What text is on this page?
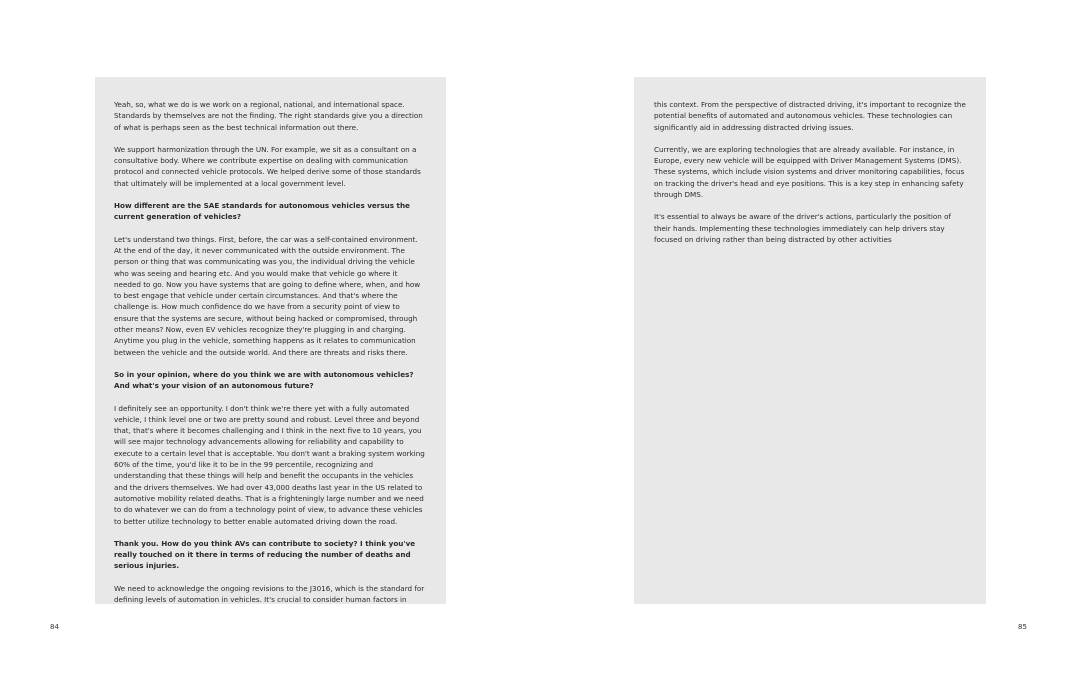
Yeah, so, what we do is we work on a regional, national, and international space. Standards by themselves are not the finding. The right standards give you a direction of what is perhaps seen as the best technical information out there.

We support harmonization through the UN. For example, we sit as a consultant on a consultative body. Where we contribute expertise on dealing with communication protocol and connected vehicle protocols. We helped derive some of those standards that ultimately will be implemented at a local government level.

How different are the SAE standards for autonomous vehicles versus the current generation of vehicles?

Let's understand two things. First, before, the car was a self-contained environment. At the end of the day, it never communicated with the outside environment. The person or thing that was communicating was you, the individual driving the vehicle who was seeing and hearing etc. And you would make that vehicle go where it needed to go. Now you have systems that are going to define where, when, and how to best engage that vehicle under certain circumstances. And that's where the challenge is. How much confidence do we have from a security point of view to ensure that the systems are secure, without being hacked or compromised, through other means? Now, even EV vehicles recognize they're plugging in and charging. Anytime you plug in the vehicle, something happens as it relates to communication between the vehicle and the outside world. And there are threats and risks there.

So in your opinion, where do you think we are with autonomous vehicles? And what's your vision of an autonomous future?

I definitely see an opportunity. I don't think we're there yet with a fully automated vehicle, I think level one or two are pretty sound and robust. Level three and beyond that, that's where it becomes challenging and I think in the next five to 10 years, you will see major technology advancements allowing for reliability and capability to execute to a certain level that is acceptable. You don't want a braking system working 60% of the time, you'd like it to be in the 99 percentile, recognizing and understanding that these things will help and benefit the occupants in the vehicles and the drivers themselves. We had over 43,000 deaths last year in the US related to automotive mobility related deaths. That is a frighteningly large number and we need to do whatever we can do from a technology point of view, to advance these vehicles to better utilize technology to better enable automated driving down the road.

Thank you. How do you think AVs can contribute to society? I think you've really touched on it there in terms of reducing the number of deaths and serious injuries.

We need to acknowledge the ongoing revisions to the J3016, which is the standard for defining levels of automation in vehicles. It's crucial to consider human factors in

this context. From the perspective of distracted driving, it's important to recognize the potential benefits of automated and autonomous vehicles. These technologies can significantly aid in addressing distracted driving issues.

Currently, we are exploring technologies that are already available. For instance, in Europe, every new vehicle will be equipped with Driver Management Systems (DMS). These systems, which include vision systems and driver monitoring capabilities, focus on tracking the driver's head and eye positions. This is a key step in enhancing safety through DMS.

It's essential to always be aware of the driver's actions, particularly the position of their hands. Implementing these technologies immediately can help drivers stay focused on driving rather than being distracted by other activities

84	85
